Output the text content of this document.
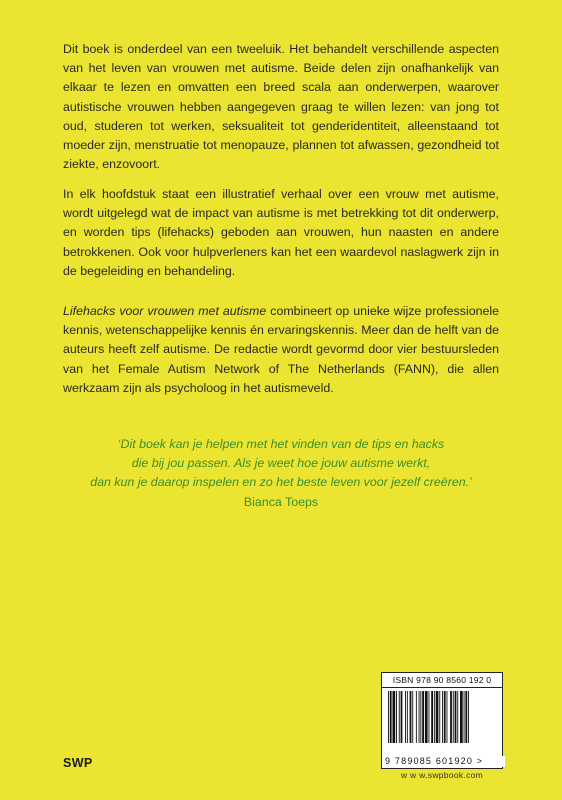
Dit boek is onderdeel van een tweeluik. Het behandelt verschillende aspecten van het leven van vrouwen met autisme. Beide delen zijn onafhankelijk van elkaar te lezen en omvatten een breed scala aan onderwerpen, waarover autistische vrouwen hebben aangegeven graag te willen lezen: van jong tot oud, studeren tot werken, seksualiteit tot genderidentiteit, alleenstaand tot moeder zijn, menstruatie tot menopauze, plannen tot afwassen, gezondheid tot ziekte, enzovoort.

In elk hoofdstuk staat een illustratief verhaal over een vrouw met autisme, wordt uitgelegd wat de impact van autisme is met betrekking tot dit onderwerp, en worden tips (lifehacks) geboden aan vrouwen, hun naasten en andere betrokkenen. Ook voor hulpverleners kan het een waardevol naslagwerk zijn in de begeleiding en behandeling.

Lifehacks voor vrouwen met autisme combineert op unieke wijze professionele kennis, wetenschappelijke kennis én ervaringskennis. Meer dan de helft van de auteurs heeft zelf autisme. De redactie wordt gevormd door vier bestuursleden van het Female Autism Network of The Netherlands (FANN), die allen werkzaam zijn als psycholoog in het autismeveld.

‘Dit boek kan je helpen met het vinden van de tips en hacks
die bij jou passen. Als je weet hoe jouw autisme werkt,
dan kun je daarop inspelen en zo het beste leven voor jezelf creëren.’
Bianca Toeps
ISBN 978 90 8560 192 0
9 789085 601920 >
w w w.swpbook.com
SWP
